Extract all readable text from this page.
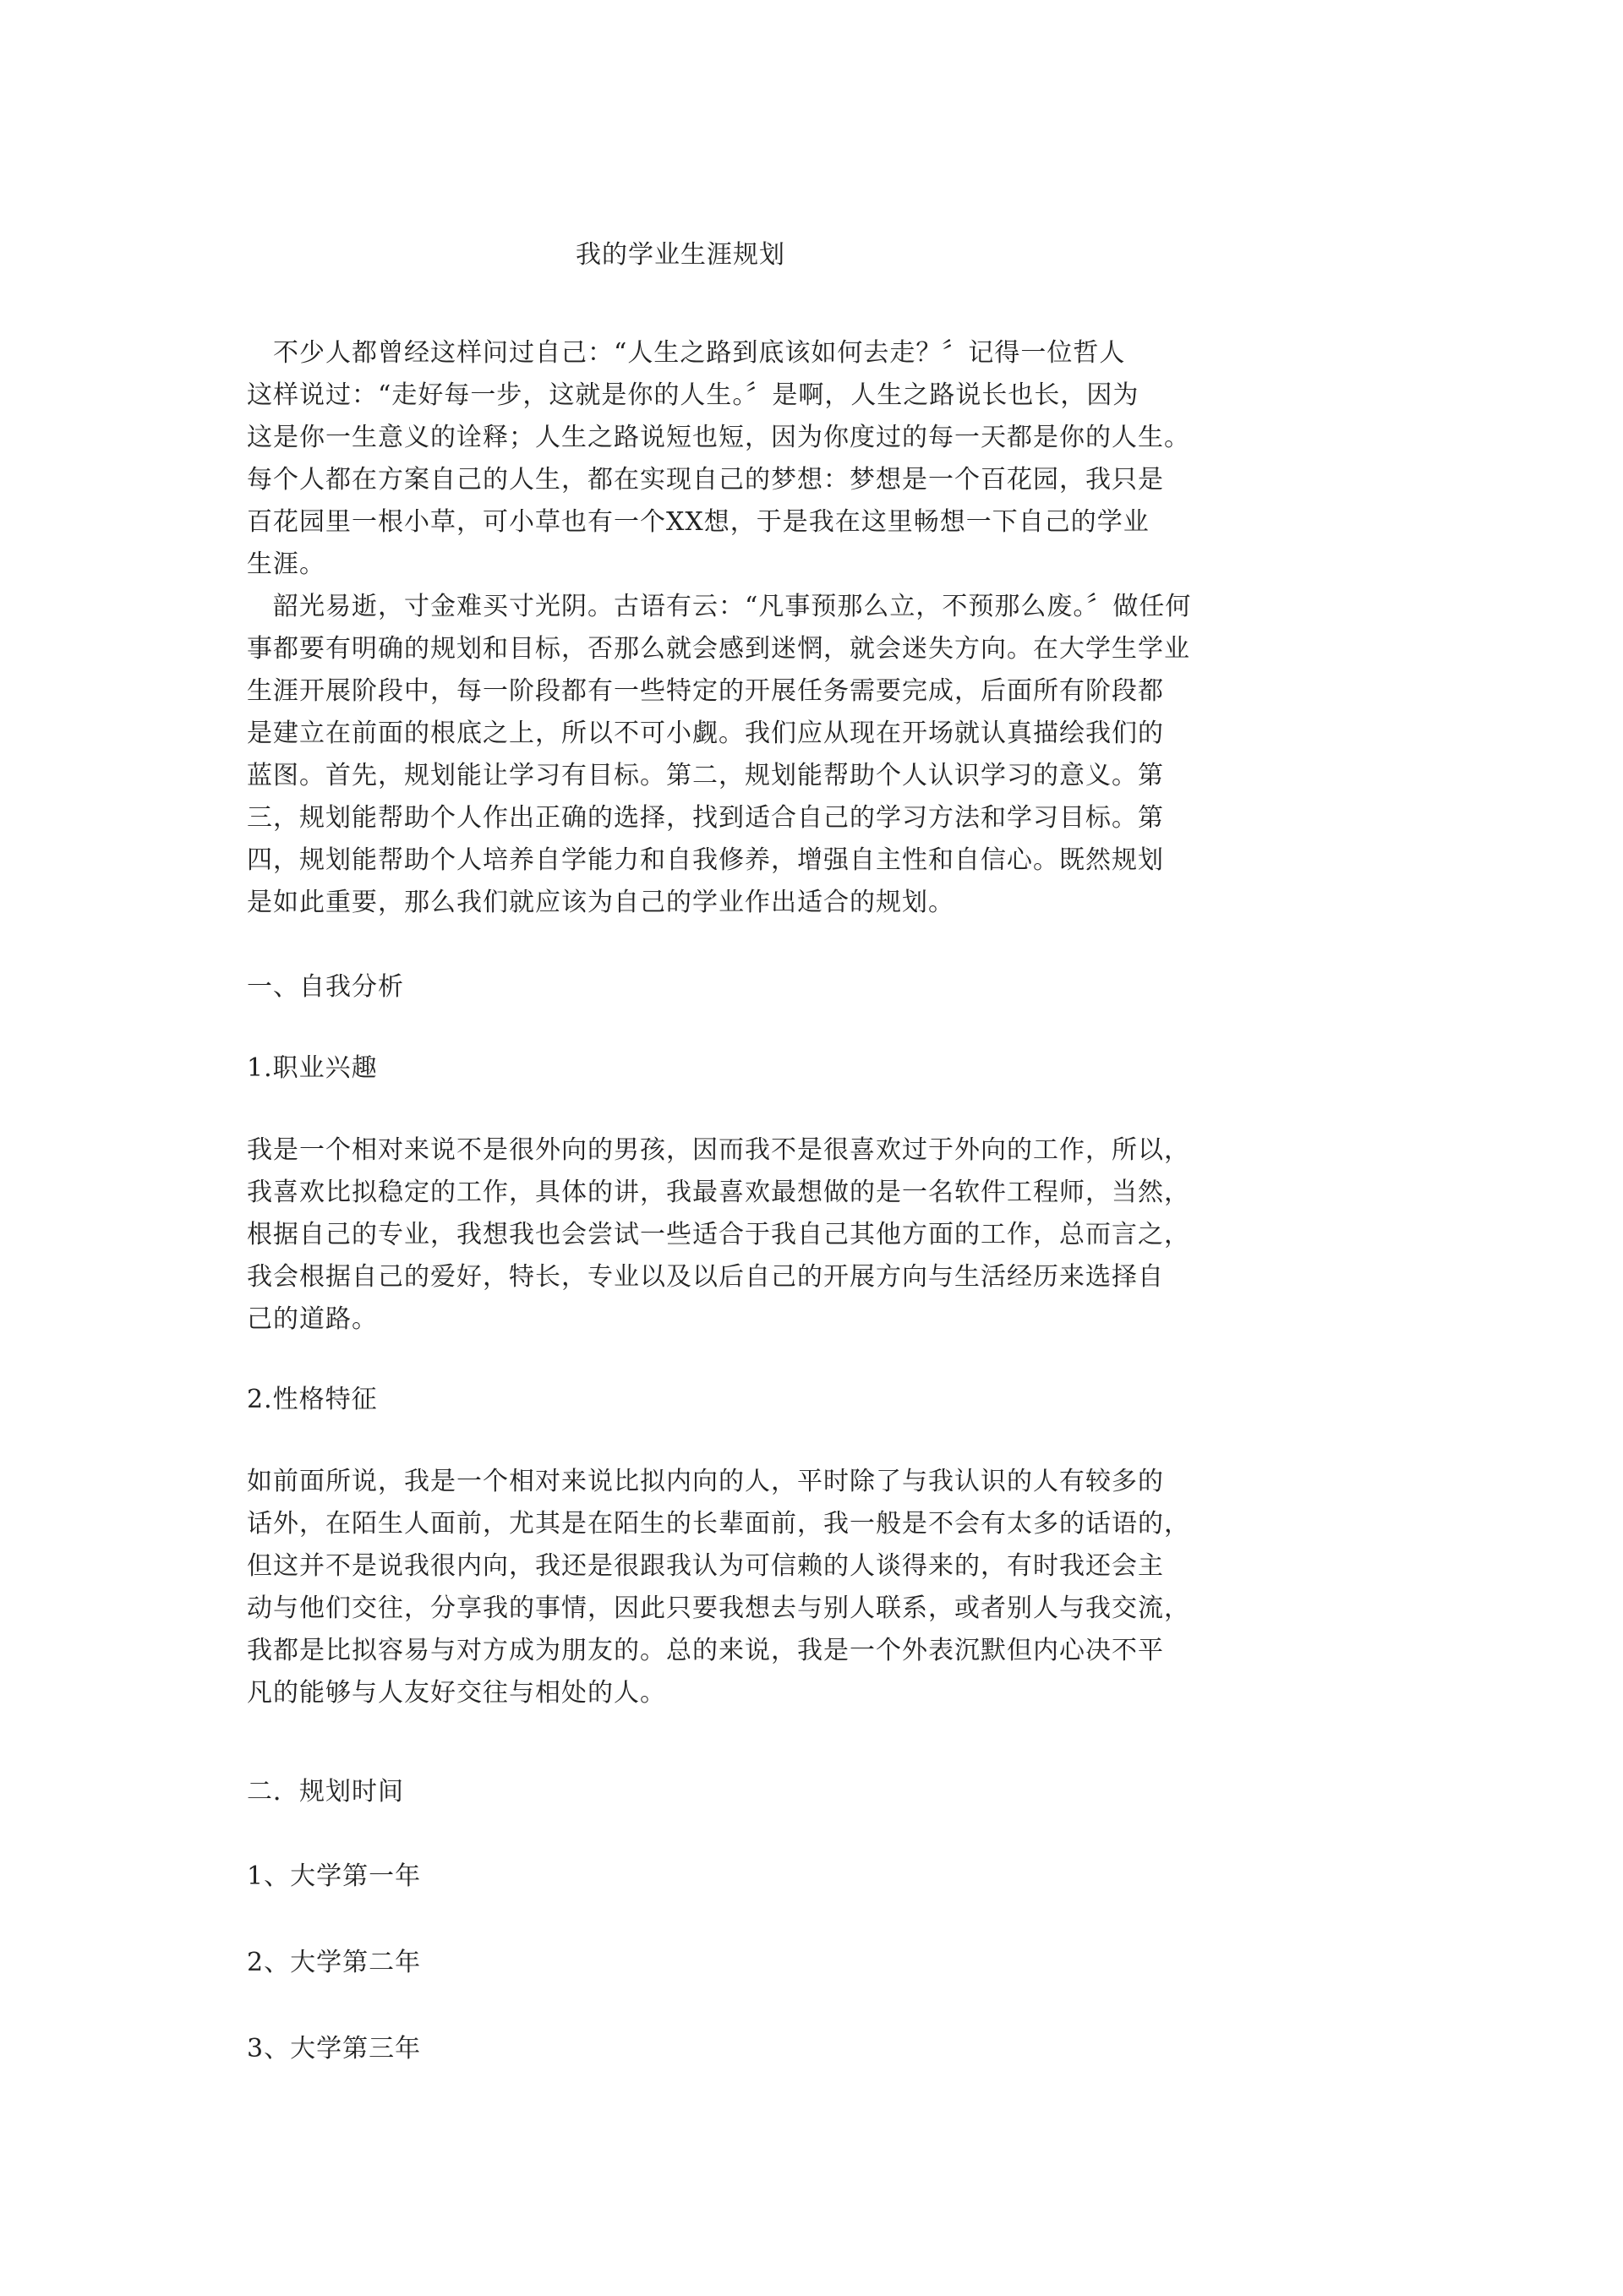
我的学业生涯规划
　不少人都曾经这样问过自己：“人生之路到底该如何去走？〞记得一位哲人
这样说过：“走好每一步，这就是你的人生。〞是啊，人生之路说长也长，因为
这是你一生意义的诠释；人生之路说短也短，因为你度过的每一天都是你的人生。
每个人都在方案自己的人生，都在实现自己的梦想：梦想是一个百花园，我只是
百花园里一根小草，可小草也有一个XX想，于是我在这里畅想一下自己的学业
生涯。
　韶光易逝，寸金难买寸光阴。古语有云：“凡事预那么立，不预那么废。〞做任何
事都要有明确的规划和目标，否那么就会感到迷惘，就会迷失方向。在大学生学业
生涯开展阶段中，每一阶段都有一些特定的开展任务需要完成，后面所有阶段都
是建立在前面的根底之上，所以不可小觑。我们应从现在开场就认真描绘我们的
蓝图。首先，规划能让学习有目标。第二，规划能帮助个人认识学习的意义。第
三，规划能帮助个人作出正确的选择，找到适合自己的学习方法和学习目标。第
四，规划能帮助个人培养自学能力和自我修养，增强自主性和自信心。既然规划
是如此重要，那么我们就应该为自己的学业作出适合的规划。
一、自我分析
1.职业兴趣
我是一个相对来说不是很外向的男孩，因而我不是很喜欢过于外向的工作，所以，
我喜欢比拟稳定的工作，具体的讲，我最喜欢最想做的是一名软件工程师，当然，
根据自己的专业，我想我也会尝试一些适合于我自己其他方面的工作，总而言之，
我会根据自己的爱好，特长，专业以及以后自己的开展方向与生活经历来选择自
己的道路。
2.性格特征
如前面所说，我是一个相对来说比拟内向的人，平时除了与我认识的人有较多的
话外，在陌生人面前，尤其是在陌生的长辈面前，我一般是不会有太多的话语的，
但这并不是说我很内向，我还是很跟我认为可信赖的人谈得来的，有时我还会主
动与他们交往，分享我的事情，因此只要我想去与别人联系，或者别人与我交流，
我都是比拟容易与对方成为朋友的。总的来说，我是一个外表沉默但内心决不平
凡的能够与人友好交往与相处的人。
二．规划时间
1、大学第一年
2、大学第二年
3、大学第三年
